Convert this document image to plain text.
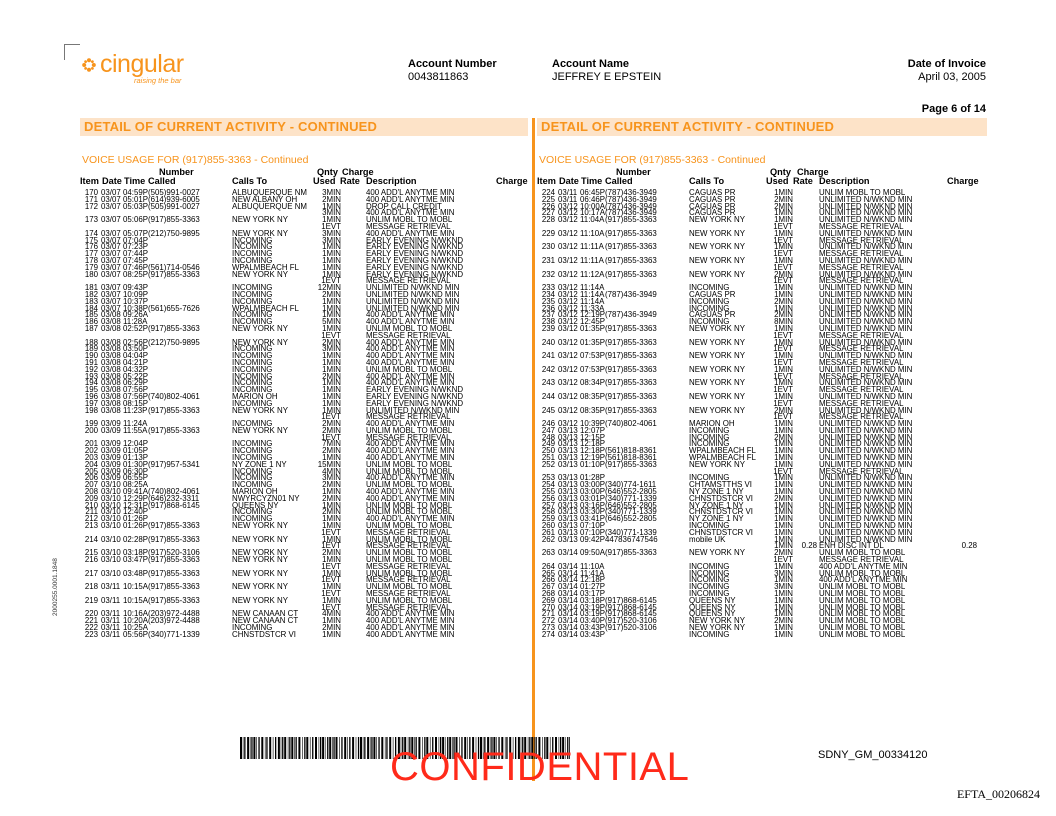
cingular
raising the bar
Account Number
0043811863
Account Name
JEFFREY E EPSTEIN
Date of Invoice
April 03, 2005
Page 6 of 14
DETAIL OF CURRENT ACTIVITY - CONTINUED
VOICE USAGE FOR (917)855-3363 - Continued
Number	Qnty Charge
Item Date Time Called	Calls To	Used Rate Description	Charge
170 03/07 04:59P (505)991-0027	ALBUQUERQUE NM	3MIN	400 ADD'L ANYTME MIN
171 03/07 05:01P (614)939-6005	NEW ALBANY OH	2MIN	400 ADD'L ANYTME MIN
172 03/07 05:03P (505)991-0027	ALBUQUERQUE NM	1MIN	DROP CALL CREDIT
3MIN	400 ADD'L ANYTME MIN
173 03/07 05:06P (917)855-3363	NEW YORK NY	1MIN	UNLIM MOBL TO MOBL
1EVT	MESSAGE RETRIEVAL
174 03/07 05:07P (212)750-9895	NEW YORK NY	3MIN	400 ADD'L ANYTME MIN
175 03/07 07:04P	INCOMING	3MIN	EARLY EVENING N/WKND
176 03/07 07:23P	INCOMING	1MIN	EARLY EVENING N/WKND
177 03/07 07:44P	INCOMING	1MIN	EARLY EVENING N/WKND
178 03/07 07:45P	INCOMING	1MIN	EARLY EVENING N/WKND
179 03/07 07:46P (561)714-0546	WPALMBEACH FL	1MIN	EARLY EVENING N/WKND
180 03/07 08:25P (917)855-3363	NEW YORK NY	1MIN	EARLY EVENING N/WKND
1EVT	MESSAGE RETRIEVAL
181 03/07 09:43P	INCOMING	12MIN	UNLIMITED N/WKND MIN
182 03/07 10:09P	INCOMING	2MIN	UNLIMITED N/WKND MIN
183 03/07 10:37P	INCOMING	1MIN	UNLIMITED N/WKND MIN
184 03/07 10:38P (561)655-7626	WPALMBEACH FL	1MIN	UNLIMITED N/WKND MIN
185 03/08 09:26A	INCOMING	1MIN	400 ADD'L ANYTME MIN
186 03/08 11:28A	INCOMING	5MIN	400 ADD'L ANYTME MIN
187 03/08 02:52P (917)855-3363	NEW YORK NY	1MIN	UNLIM MOBL TO MOBL
1EVT	MESSAGE RETRIEVAL
188 03/08 02:56P (212)750-9895	NEW YORK NY	2MIN	400 ADD'L ANYTME MIN
189 03/08 03:50P	INCOMING	3MIN	400 ADD'L ANYTME MIN
190 03/08 04:04P	INCOMING	1MIN	400 ADD'L ANYTME MIN
191 03/08 04:21P	INCOMING	1MIN	400 ADD'L ANYTME MIN
192 03/08 04:32P	INCOMING	1MIN	UNLIM MOBL TO MOBL
193 03/08 05:22P	INCOMING	2MIN	400 ADD'L ANYTME MIN
194 03/08 06:29P	INCOMING	1MIN	400 ADD'L ANYTME MIN
195 03/08 07:56P	INCOMING	1MIN	EARLY EVENING N/WKND
196 03/08 07:56P (740)802-4061	MARION OH	1MIN	EARLY EVENING N/WKND
197 03/08 08:15P	INCOMING	1MIN	EARLY EVENING N/WKND
198 03/08 11:23P (917)855-3363	NEW YORK NY	1MIN	UNLIMITED N/WKND MIN
1EVT	MESSAGE RETRIEVAL
199 03/09 11:24A	INCOMING	2MIN	400 ADD'L ANYTME MIN
200 03/09 11:55A (917)855-3363	NEW YORK NY	2MIN	UNLIM MOBL TO MOBL
1EVT	MESSAGE RETRIEVAL
201 03/09 12:04P	INCOMING	7MIN	400 ADD'L ANYTME MIN
202 03/09 01:05P	INCOMING	2MIN	400 ADD'L ANYTME MIN
203 03/09 01:13P	INCOMING	1MIN	400 ADD'L ANYTME MIN
204 03/09 01:30P (917)957-5341	NY ZONE 1 NY	15MIN	UNLIM MOBL TO MOBL
205 03/09 06:30P	INCOMING	4MIN	UNLIM MOBL TO MOBL
206 03/09 06:55P	INCOMING	3MIN	400 ADD'L ANYTME MIN
207 03/10 08:25A	INCOMING	2MIN	UNLIM MOBL TO MOBL
208 03/10 09:41A (740)802-4061	MARION OH	1MIN	400 ADD'L ANYTME MIN
209 03/10 12:29P (646)232-3311	NWYRCYZN01 NY	2MIN	400 ADD'L ANYTME MIN
210 03/10 12:31P (917)868-6145	QUEENS NY	1MIN	UNLIM MOBL TO MOBL
211 03/10 12:40P	INCOMING	2MIN	UNLIM MOBL TO MOBL
212 03/10 01:26P	INCOMING	1MIN	400 ADD'L ANYTME MIN
213 03/10 01:26P (917)855-3363	NEW YORK NY	1MIN	UNLIM MOBL TO MOBL
1EVT	MESSAGE RETRIEVAL
214 03/10 02:28P (917)855-3363	NEW YORK NY	1MIN	UNLIM MOBL TO MOBL
1EVT	MESSAGE RETRIEVAL
215 03/10 03:18P (917)520-3106	NEW YORK NY	2MIN	UNLIM MOBL TO MOBL
216 03/10 03:47P (917)855-3363	NEW YORK NY	1MIN	UNLIM MOBL TO MOBL
1EVT	MESSAGE RETRIEVAL
217 03/10 03:48P (917)855-3363	NEW YORK NY	1MIN	UNLIM MOBL TO MOBL
1EVT	MESSAGE RETRIEVAL
218 03/11 10:15A (917)855-3363	NEW YORK NY	1MIN	UNLIM MOBL TO MOBL
1EVT	MESSAGE RETRIEVAL
219 03/11 10:15A (917)855-3363	NEW YORK NY	1MIN	UNLIM MOBL TO MOBL
1EVT	MESSAGE RETRIEVAL
220 03/11 10:16A (203)972-4488	NEW CANAAN CT	4MIN	400 ADD'L ANYTME MIN
221 03/11 10:20A (203)972-4488	NEW CANAAN CT	1MIN	400 ADD'L ANYTME MIN
222 03/11 10:25A	INCOMING	2MIN	400 ADD'L ANYTME MIN
223 03/11 05:56P (340)771-1339	CHNSTDSTCR VI	1MIN	400 ADD'L ANYTME MIN
DETAIL OF CURRENT ACTIVITY - CONTINUED
VOICE USAGE FOR (917)855-3363 - Continued
Number	Qnty Charge
Item Date Time Called	Calls To	Used Rate Description	Charge
224 03/11 06:45P (787)436-3949	CAGUAS PR	1MIN	UNLIM MOBL TO MOBL
225 03/11 06:46P (787)436-3949	CAGUAS PR	2MIN	UNLIMITED N/WKND MIN
226 03/12 10:00A (787)436-3949	CAGUAS PR	2MIN	UNLIMITED N/WKND MIN
227 03/12 10:17A (787)436-3949	CAGUAS PR	1MIN	UNLIMITED N/WKND MIN
228 03/12 11:04A (917)855-3363	NEW YORK NY	1MIN	UNLIMITED N/WKND MIN
1EVT	MESSAGE RETRIEVAL
229 03/12 11:10A (917)855-3363	NEW YORK NY	1MIN	UNLIMITED N/WKND MIN
1EVT	MESSAGE RETRIEVAL
230 03/12 11:11A (917)855-3363	NEW YORK NY	1MIN	UNLIMITED N/WKND MIN
1EVT	MESSAGE RETRIEVAL
231 03/12 11:11A (917)855-3363	NEW YORK NY	1MIN	UNLIMITED N/WKND MIN
1EVT	MESSAGE RETRIEVAL
232 03/12 11:12A (917)855-3363	NEW YORK NY	2MIN	UNLIMITED N/WKND MIN
1EVT	MESSAGE RETRIEVAL
233 03/12 11:14A	INCOMING	1MIN	UNLIMITED N/WKND MIN
234 03/12 11:14A (787)436-3949	CAGUAS PR	1MIN	UNLIMITED N/WKND MIN
235 03/12 11:14A	INCOMING	2MIN	UNLIMITED N/WKND MIN
236 03/12 11:33A	INCOMING	1MIN	UNLIMITED N/WKND MIN
237 03/12 12:19P (787)436-3949	CAGUAS PR	2MIN	UNLIMITED N/WKND MIN
238 03/12 12:45P	INCOMING	8MIN	UNLIMITED N/WKND MIN
239 03/12 01:35P (917)855-3363	NEW YORK NY	1MIN	UNLIMITED N/WKND MIN
1EVT	MESSAGE RETRIEVAL
240 03/12 01:35P (917)855-3363	NEW YORK NY	1MIN	UNLIMITED N/WKND MIN
1EVT	MESSAGE RETRIEVAL
241 03/12 07:53P (917)855-3363	NEW YORK NY	1MIN	UNLIMITED N/WKND MIN
1EVT	MESSAGE RETRIEVAL
242 03/12 07:53P (917)855-3363	NEW YORK NY	1MIN	UNLIMITED N/WKND MIN
1EVT	MESSAGE RETRIEVAL
243 03/12 08:34P (917)855-3363	NEW YORK NY	1MIN	UNLIMITED N/WKND MIN
1EVT	MESSAGE RETRIEVAL
244 03/12 08:35P (917)855-3363	NEW YORK NY	1MIN	UNLIMITED N/WKND MIN
1EVT	MESSAGE RETRIEVAL
245 03/12 08:35P (917)855-3363	NEW YORK NY	2MIN	UNLIMITED N/WKND MIN
1EVT	MESSAGE RETRIEVAL
246 03/12 10:39P (740)802-4061	MARION OH	1MIN	UNLIMITED N/WKND MIN
247 03/13 12:07P	INCOMING	1MIN	UNLIMITED N/WKND MIN
248 03/13 12:15P	INCOMING	2MIN	UNLIMITED N/WKND MIN
249 03/13 12:18P	INCOMING	1MIN	UNLIMITED N/WKND MIN
250 03/13 12:18P (561)818-8361	WPALMBEACH FL	1MIN	UNLIMITED N/WKND MIN
251 03/13 12:19P (561)818-8361	WPALMBEACH FL	1MIN	UNLIMITED N/WKND MIN
252 03/13 01:10P (917)855-3363	NEW YORK NY	1MIN	UNLIMITED N/WKND MIN
1EVT	MESSAGE RETRIEVAL
253 03/13 01:28P	INCOMING	1MIN	UNLIMITED N/WKND MIN
254 03/13 03:00P (340)774-1611	CHTAMSTTHS VI	1MIN	UNLIMITED N/WKND MIN
255 03/13 03:00P (646)552-2805	NY ZONE 1 NY	1MIN	UNLIMITED N/WKND MIN
256 03/13 03:01P (340)771-1339	CHNSTDSTCR VI	2MIN	UNLIMITED N/WKND MIN
257 03/13 03:16P (646)552-2805	NY ZONE 1 NY	1MIN	UNLIMITED N/WKND MIN
258 03/13 03:30P (340)771-1339	CHNSTDSTCR VI	1MIN	UNLIMITED N/WKND MIN
259 03/13 03:41P (646)552-2805	NY ZONE 1 NY	1MIN	UNLIMITED N/WKND MIN
260 03/13 07:10P	INCOMING	1MIN	UNLIMITED N/WKND MIN
261 03/13 07:10P (340)771-1339	CHNSTDSTCR VI	1MIN	UNLIMITED N/WKND MIN
262 03/13 09:42P 447836747546	mobile UK	1MIN	UNLIMITED N/WKND MIN
1MIN	0.28 ENH DISC INT DL	0.28
263 03/14 09:50A (917)855-3363	NEW YORK NY	2MIN	UNLIM MOBL TO MOBL
1EVT	MESSAGE RETRIEVAL
264 03/14 11:10A	INCOMING	1MIN	400 ADD'L ANYTME MIN
265 03/14 11:41A	INCOMING	3MIN	UNLIM MOBL TO MOBL
266 03/14 12:18P	INCOMING	1MIN	400 ADD'L ANYTME MIN
267 03/14 01:27P	INCOMING	3MIN	UNLIM MOBL TO MOBL
268 03/14 03:17P	INCOMING	1MIN	UNLIM MOBL TO MOBL
269 03/14 03:18P (917)868-6145	QUEENS NY	1MIN	UNLIM MOBL TO MOBL
270 03/14 03:19P (917)868-6145	QUEENS NY	1MIN	UNLIM MOBL TO MOBL
271 03/14 03:19P (917)868-6145	QUEENS NY	1MIN	UNLIM MOBL TO MOBL
272 03/14 03:40P (917)520-3106	NEW YORK NY	2MIN	UNLIM MOBL TO MOBL
273 03/14 03:43P (917)520-3106	NEW YORK NY	1MIN	UNLIM MOBL TO MOBL
274 03/14 03:43P	INCOMING	1MIN	UNLIM MOBL TO MOBL
2000255.0001.1848
CONFIDENTIAL	SDNY_GM_00334120
EFTA_00206824
